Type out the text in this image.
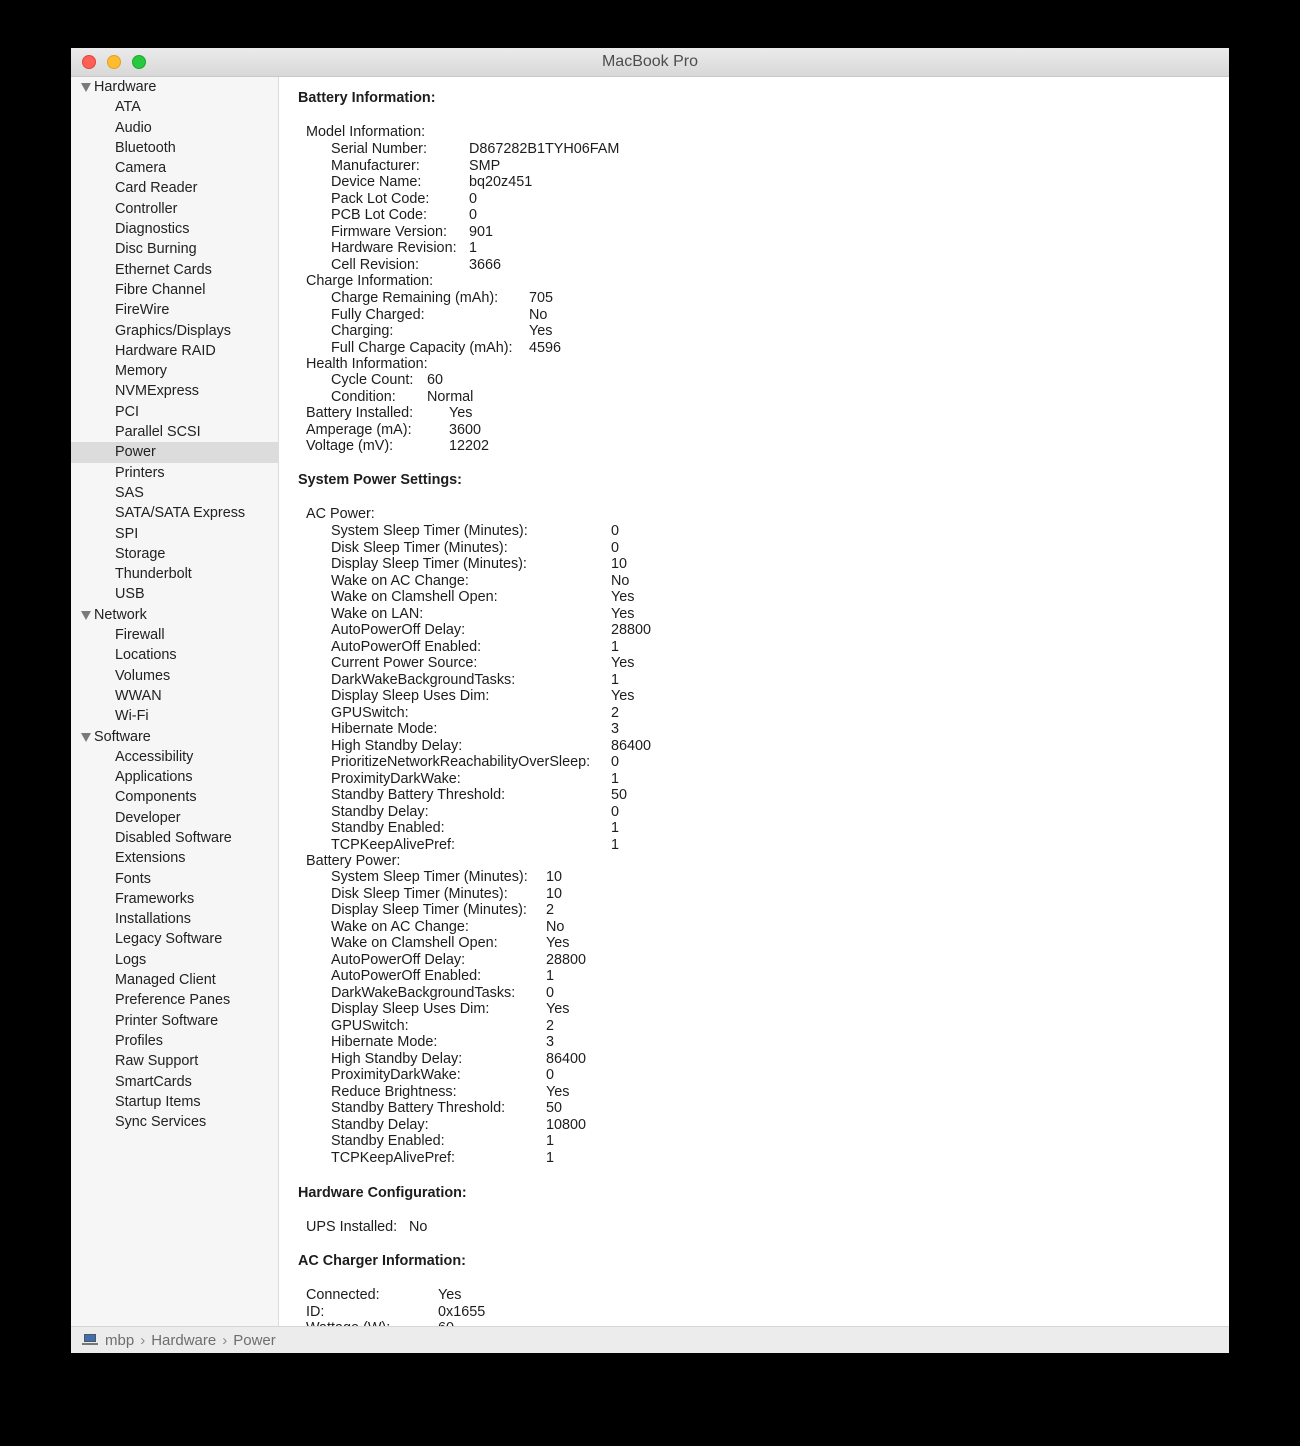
MacBook Pro
Hardware
ATA
Audio
Bluetooth
Camera
Card Reader
Controller
Diagnostics
Disc Burning
Ethernet Cards
Fibre Channel
FireWire
Graphics/Displays
Hardware RAID
Memory
NVMExpress
PCI
Parallel SCSI
Power
Printers
SAS
SATA/SATA Express
SPI
Storage
Thunderbolt
USB
Network
Firewall
Locations
Volumes
WWAN
Wi-Fi
Software
Accessibility
Applications
Components
Developer
Disabled Software
Extensions
Fonts
Frameworks
Installations
Legacy Software
Logs
Managed Client
Preference Panes
Printer Software
Profiles
Raw Support
SmartCards
Startup Items
Sync Services
Battery Information:
Model Information:
Serial Number:	D867282B1TYH06FAM
Manufacturer:	SMP
Device Name:	bq20z451
Pack Lot Code:	0
PCB Lot Code:	0
Firmware Version: 901
Hardware Revision: 1
Cell Revision:	3666
Charge Information:
Charge Remaining (mAh): 705
Fully Charged:	No
Charging:	Yes
Full Charge Capacity (mAh): 4596
Health Information:
Cycle Count: 60
Condition: Normal
Battery Installed: Yes
Amperage (mA):	3600
Voltage (mV):	12202
System Power Settings:
AC Power:
System Sleep Timer (Minutes):	0
Disk Sleep Timer (Minutes):	0
Display Sleep Timer (Minutes):	10
Wake on AC Change:	No
Wake on Clamshell Open:	Yes
Wake on LAN:	Yes
AutoPowerOff Delay:	28800
AutoPowerOff Enabled:	1
Current Power Source:	Yes
DarkWakeBackgroundTasks:	1
Display Sleep Uses Dim:	Yes
GPUSwitch:	2
Hibernate Mode:	3
High Standby Delay:	86400
PrioritizeNetworkReachabilityOverSleep: 0
ProximityDarkWake:	1
Standby Battery Threshold:	50
Standby Delay:	0
Standby Enabled:	1
TCPKeepAlivePref:	1
Battery Power:
System Sleep Timer (Minutes): 10
Disk Sleep Timer (Minutes):	10
Display Sleep Timer (Minutes): 2
Wake on AC Change:	No
Wake on Clamshell Open:	Yes
AutoPowerOff Delay:	28800
AutoPowerOff Enabled:	1
DarkWakeBackgroundTasks: 0
Display Sleep Uses Dim:	Yes
GPUSwitch:	2
Hibernate Mode:	3
High Standby Delay:	86400
ProximityDarkWake:	0
Reduce Brightness:	Yes
Standby Battery Threshold:	50
Standby Delay:	10800
Standby Enabled:	1
TCPKeepAlivePref:	1
Hardware Configuration:
UPS Installed: No
AC Charger Information:
Connected:	Yes
ID:	0x1655
mbp › Hardware › Power
